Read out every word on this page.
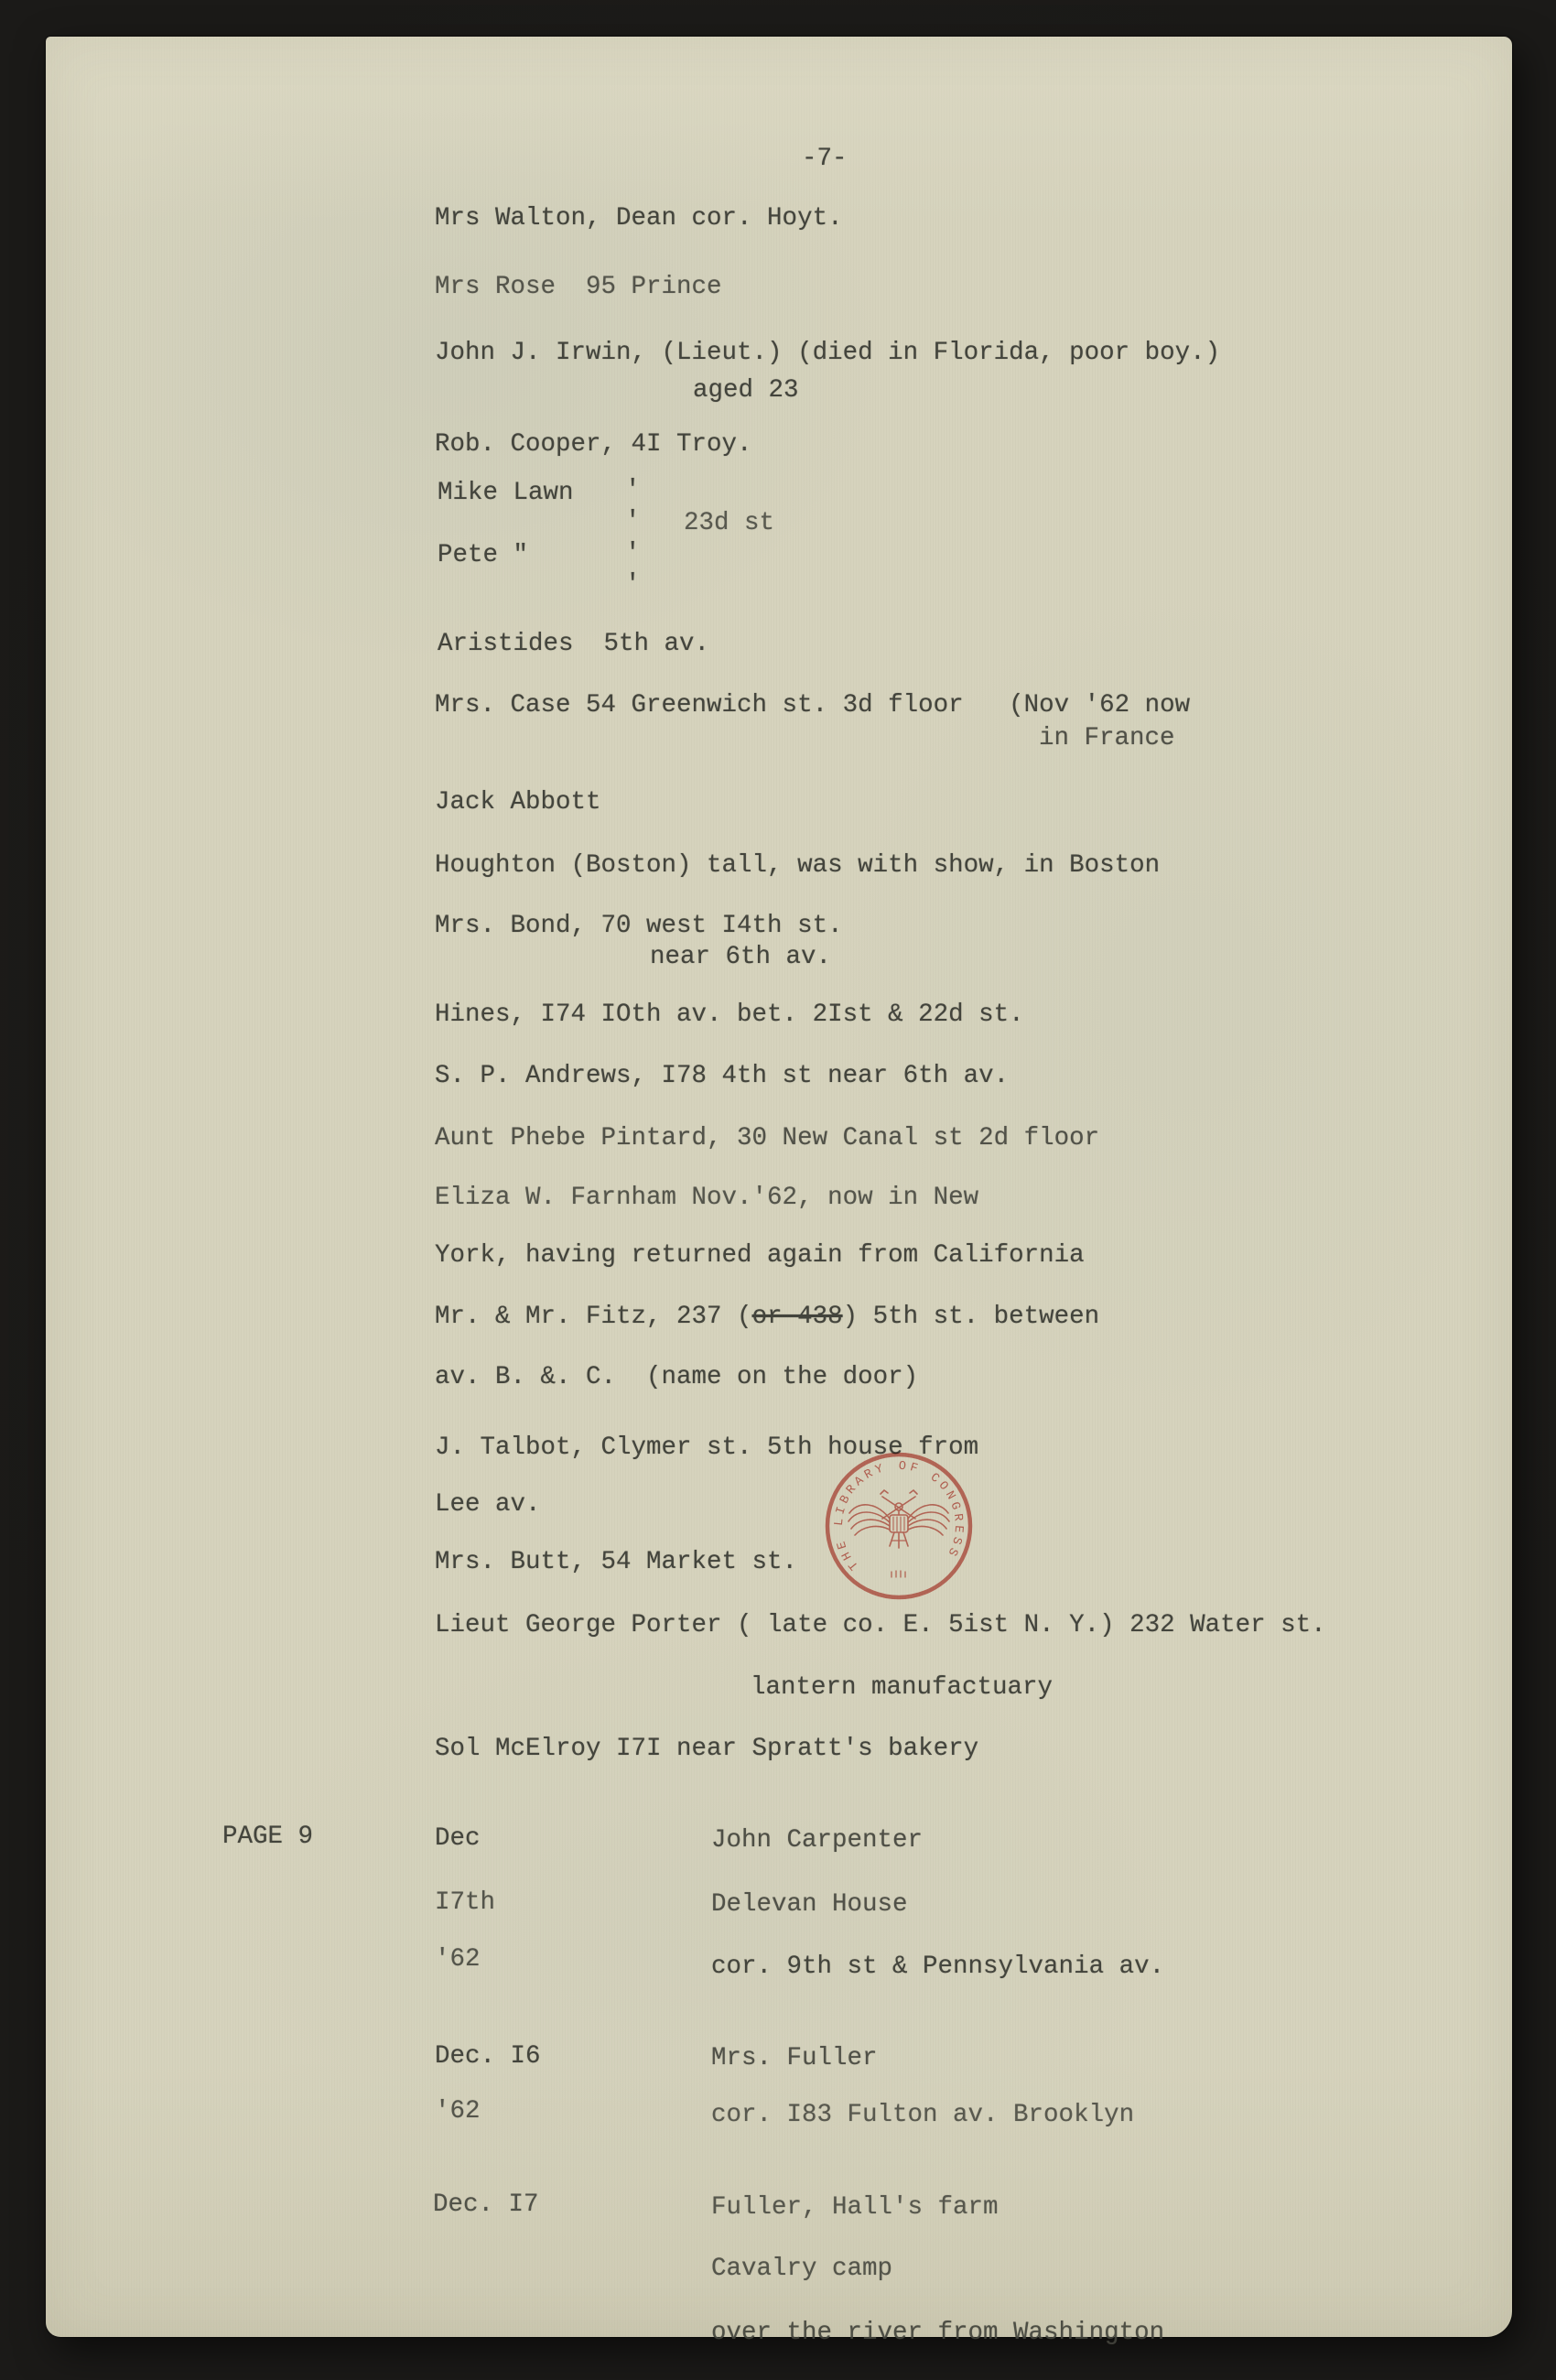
-7-
Mrs Walton, Dean cor. Hoyt.
Mrs Rose  95 Prince
John J. Irwin, (Lieut.) (died in Florida, poor boy.)
aged 23
Rob. Cooper, 4I Troy.
Mike Lawn '
' 23d st
Pete "	'
'
Aristides  5th av.
Mrs. Case 54 Greenwich st. 3d floor   (Nov '62 now
in France
Jack Abbott
Houghton (Boston) tall, was with show, in Boston
Mrs. Bond, 70 west I4th st.
near 6th av.
Hines, I74 IOth av. bet. 2Ist & 22d st.
S. P. Andrews, I78 4th st near 6th av.
Aunt Phebe Pintard, 30 New Canal st 2d floor
Eliza W. Farnham Nov.'62, now in New
York, having returned again from California
Mr. & Mr. Fitz, 237 (or 438) 5th st. between
av. B. &. C.  (name on the door)
J. Talbot, Clymer st. 5th house from
Lee av.
Mrs. Butt, 54 Market st.
Lieut George Porter ( late co. E. 5ist N. Y.) 232 Water st.
lantern manufactuary
Sol McElroy I7I near Spratt's bakery
PAGE 9	Dec	John Carpenter
I7th	Delevan House
'62	cor. 9th st & Pennsylvania av.
Dec. I6	Mrs. Fuller
'62	cor. I83 Fulton av. Brooklyn
Dec. I7	Fuller, Hall's farm
Cavalry camp
over the river from Washington
THE LIBRARY OF CONGRESS
